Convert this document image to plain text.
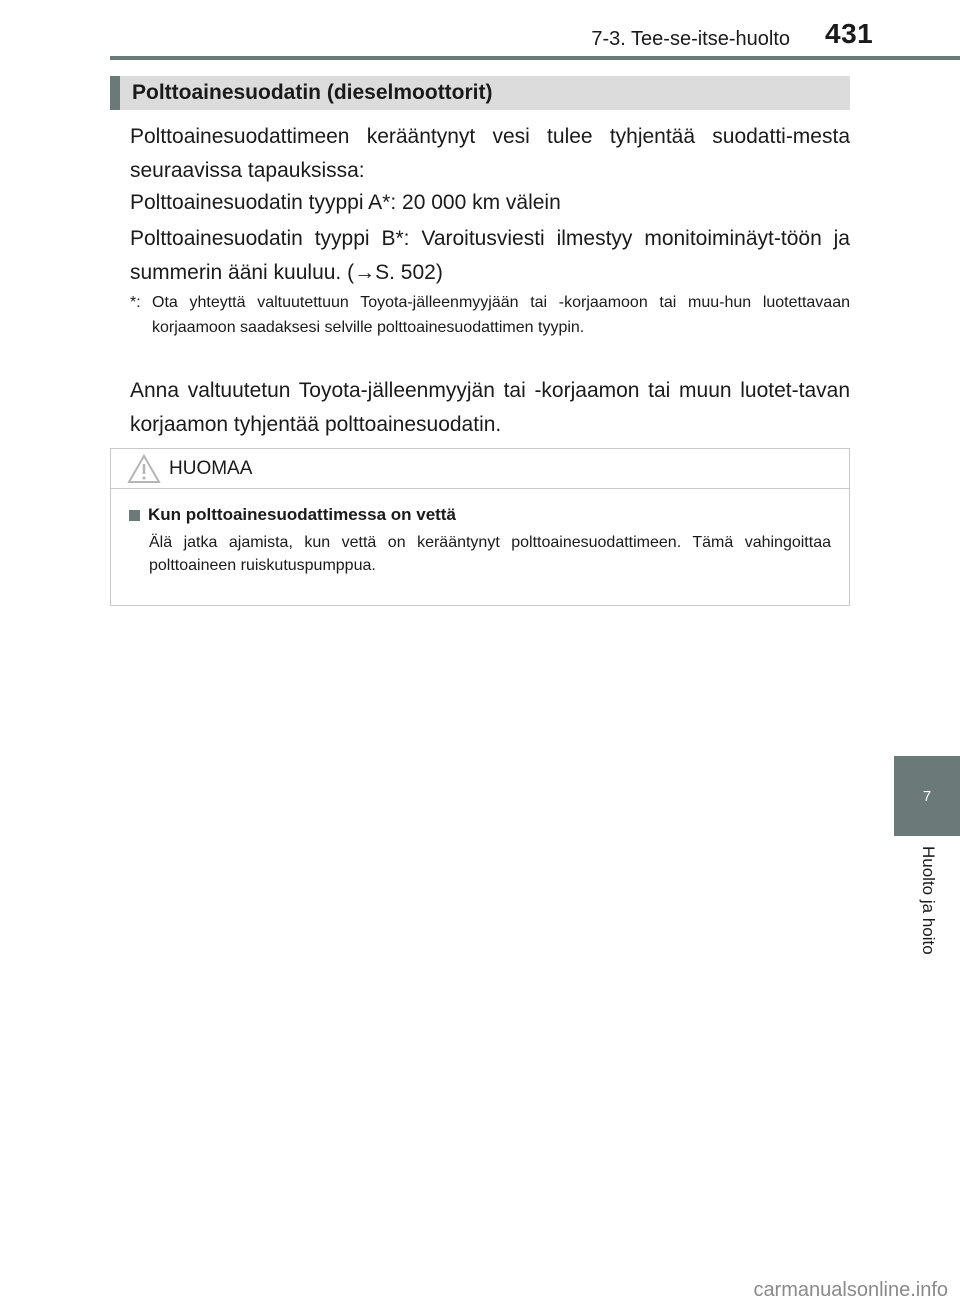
7-3. Tee-se-itse-huolto 431
Polttoainesuodatin (dieselmoottorit)
Polttoainesuodattimeen kerääntynyt vesi tulee tyhjentää suodatti-mesta seuraavissa tapauksissa:
Polttoainesuodatin tyyppi A*: 20 000 km välein
Polttoainesuodatin tyyppi B*: Varoitusviesti ilmestyy monitoiminäyt-töön ja summerin ääni kuuluu. (→S. 502)
*: Ota yhteyttä valtuutettuun Toyota-jälleenmyyjään tai -korjaamoon tai muu-hun luotettavaan korjaamoon saadaksesi selville polttoainesuodattimen tyypin.
Anna valtuutetun Toyota-jälleenmyyjän tai -korjaamon tai muun luotet-tavan korjaamon tyhjentää polttoainesuodatin.
HUOMAA
Kun polttoainesuodattimessa on vettä
Älä jatka ajamista, kun vettä on kerääntynyt polttoainesuodattimeen. Tämä vahingoittaa polttoaineen ruiskutuspumppua.
7
Huolto ja hoito
carmanualsonline.info
